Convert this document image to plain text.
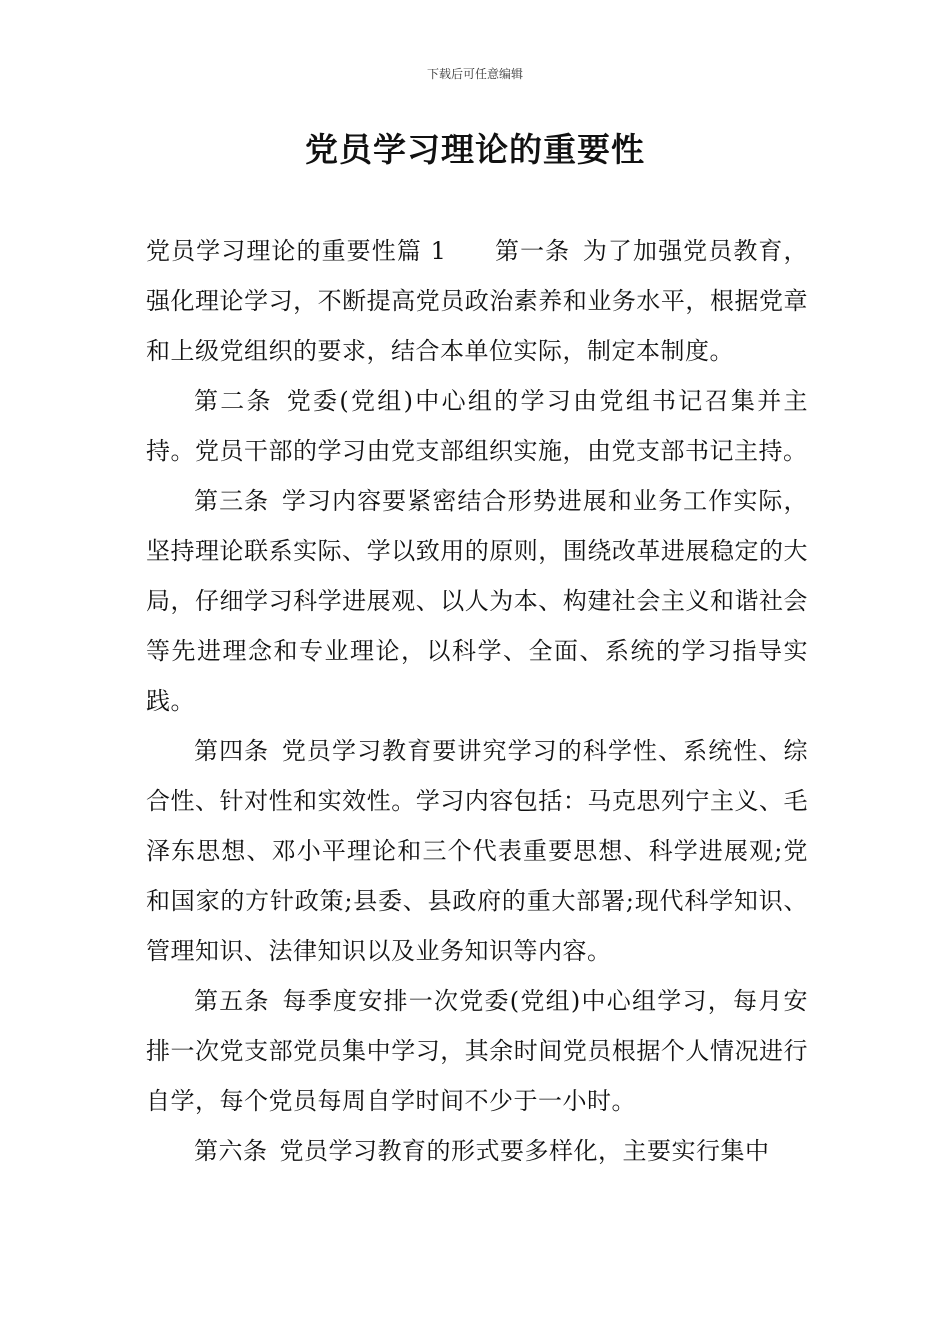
下载后可任意编辑
党员学习理论的重要性

党员学习理论的重要性篇 1 第一条 为了加强党员教育，强化理论学习，不断提高党员政治素养和业务水平，根据党章和上级党组织的要求，结合本单位实际，制定本制度。

第二条 党委(党组)中心组的学习由党组书记召集并主持。党员干部的学习由党支部组织实施，由党支部书记主持。

第三条 学习内容要紧密结合形势进展和业务工作实际，坚持理论联系实际、学以致用的原则，围绕改革进展稳定的大局，仔细学习科学进展观、以人为本、构建社会主义和谐社会等先进理念和专业理论，以科学、全面、系统的学习指导实践。

第四条 党员学习教育要讲究学习的科学性、系统性、综合性、针对性和实效性。学习内容包括：马克思列宁主义、毛泽东思想、邓小平理论和三个代表重要思想、科学进展观;党和国家的方针政策;县委、县政府的重大部署;现代科学知识、管理知识、法律知识以及业务知识等内容。

第五条 每季度安排一次党委(党组)中心组学习，每月安排一次党支部党员集中学习，其余时间党员根据个人情况进行自学，每个党员每周自学时间不少于一小时。

第六条 党员学习教育的形式要多样化，主要实行集中
